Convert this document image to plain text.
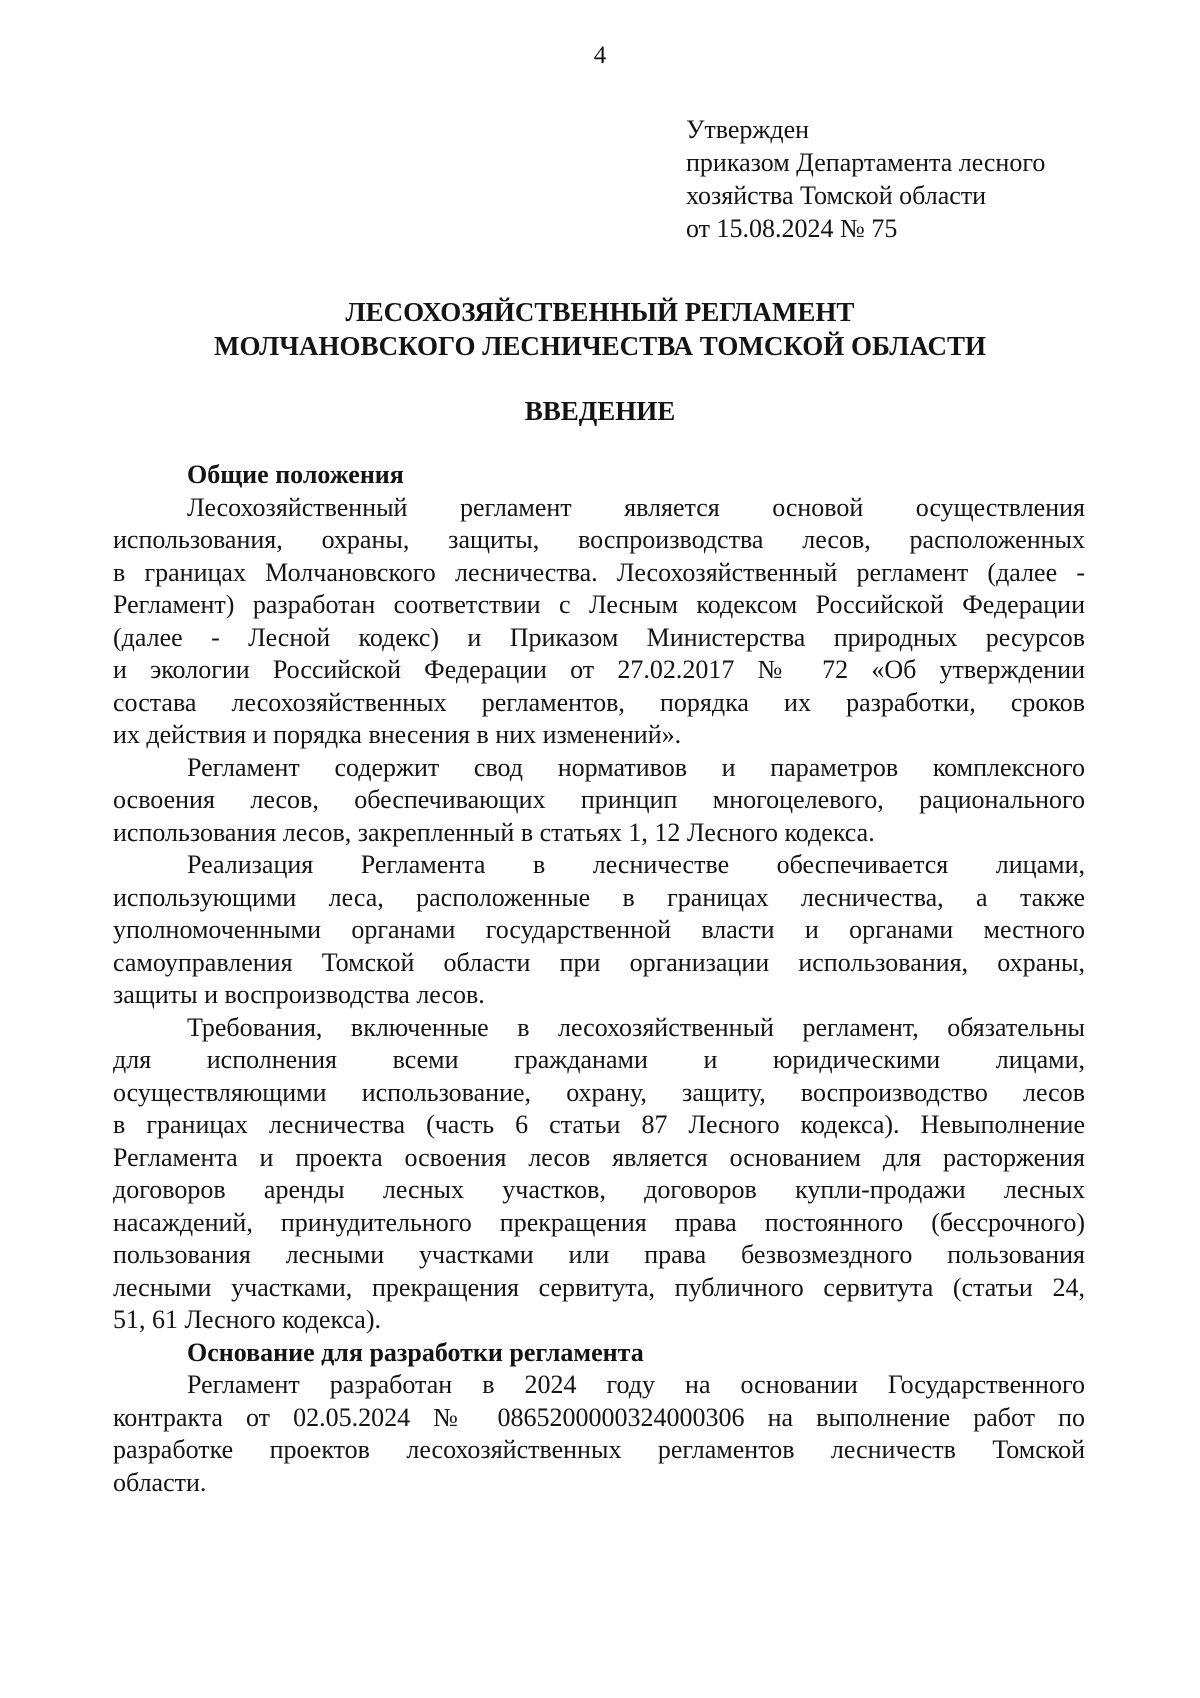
4
Утвержден
приказом Департамента лесного
хозяйства Томской области
от 15.08.2024 № 75
ЛЕСОХОЗЯЙСТВЕННЫЙ РЕГЛАМЕНТ
МОЛЧАНОВСКОГО ЛЕСНИЧЕСТВА ТОМСКОЙ ОБЛАСТИ
ВВЕДЕНИЕ
Общие положения
Лесохозяйственный регламент является основой осуществления
использования, охраны, защиты, воспроизводства лесов, расположенных
в границах Молчановского лесничества. Лесохозяйственный регламент (далее -
Регламент) разработан соответствии с Лесным кодексом Российской Федерации
(далее - Лесной кодекс) и Приказом Министерства природных ресурсов
и экологии Российской Федерации от 27.02.2017 № 72 «Об утверждении
состава лесохозяйственных регламентов, порядка их разработки, сроков
их действия и порядка внесения в них изменений».
Регламент содержит свод нормативов и параметров комплексного
освоения лесов, обеспечивающих принцип многоцелевого, рационального
использования лесов, закрепленный в статьях 1, 12 Лесного кодекса.
Реализация Регламента в лесничестве обеспечивается лицами,
использующими леса, расположенные в границах лесничества, а также
уполномоченными органами государственной власти и органами местного
самоуправления Томской области при организации использования, охраны,
защиты и воспроизводства лесов.
Требования, включенные в лесохозяйственный регламент, обязательны
для исполнения всеми гражданами и юридическими лицами,
осуществляющими использование, охрану, защиту, воспроизводство лесов
в границах лесничества (часть 6 статьи 87 Лесного кодекса). Невыполнение
Регламента и проекта освоения лесов является основанием для расторжения
договоров аренды лесных участков, договоров купли-продажи лесных
насаждений, принудительного прекращения права постоянного (бессрочного)
пользования лесными участками или права безвозмездного пользования
лесными участками, прекращения сервитута, публичного сервитута (статьи 24,
51, 61 Лесного кодекса).
Основание для разработки регламента
Регламент разработан в 2024 году на основании Государственного
контракта от 02.05.2024 № 0865200000324000306 на выполнение работ по
разработке проектов лесохозяйственных регламентов лесничеств Томской
области.
